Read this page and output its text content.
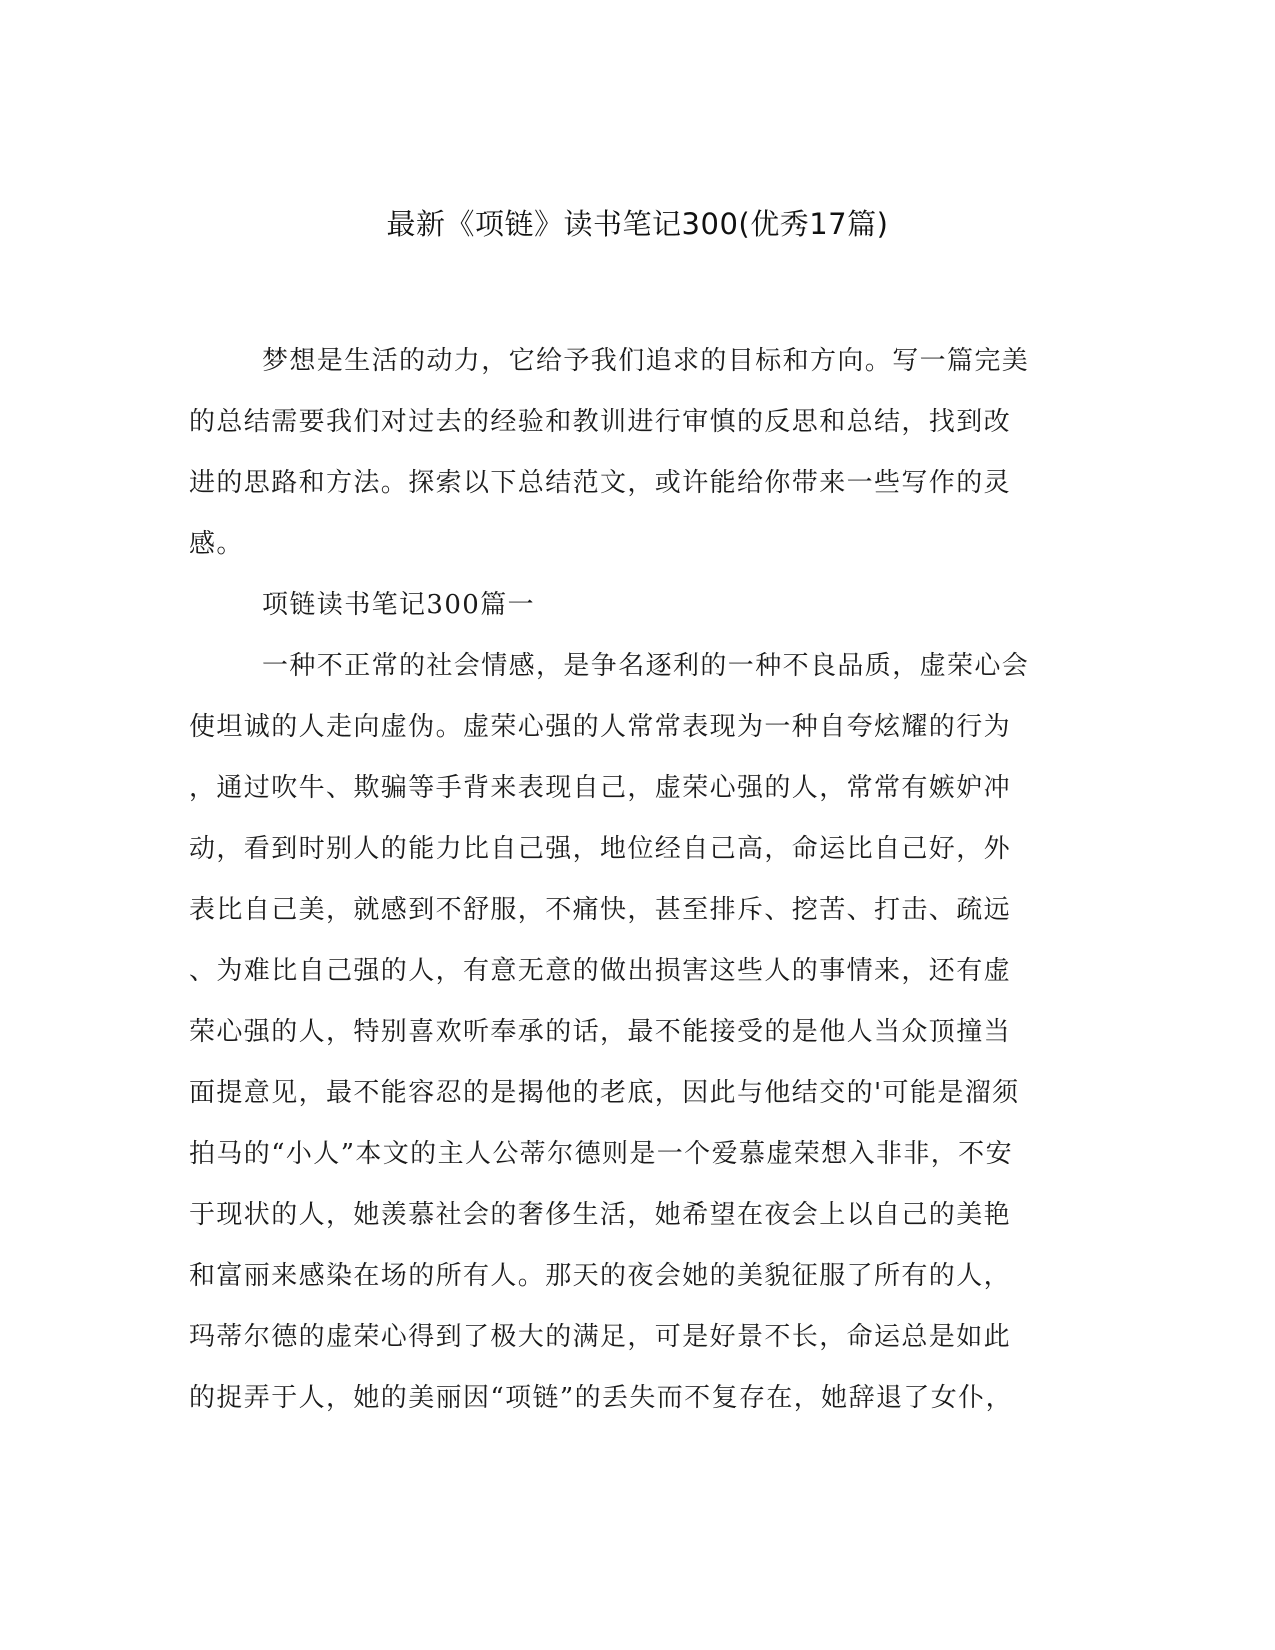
最新《项链》读书笔记300(优秀17篇)
梦想是生活的动力，它给予我们追求的目标和方向。写一篇完美
的总结需要我们对过去的经验和教训进行审慎的反思和总结，找到改
进的思路和方法。探索以下总结范文，或许能给你带来一些写作的灵
感。
项链读书笔记300篇一
一种不正常的社会情感，是争名逐利的一种不良品质，虚荣心会
使坦诚的人走向虚伪。虚荣心强的人常常表现为一种自夸炫耀的行为
，通过吹牛、欺骗等手背来表现自己，虚荣心强的人，常常有嫉妒冲
动，看到时别人的能力比自己强，地位经自己高，命运比自己好，外
表比自己美，就感到不舒服，不痛快，甚至排斥、挖苦、打击、疏远
、为难比自己强的人，有意无意的做出损害这些人的事情来，还有虚
荣心强的人，特别喜欢听奉承的话，最不能接受的是他人当众顶撞当
面提意见，最不能容忍的是揭他的老底，因此与他结交的'可能是溜须
拍马的“小人”本文的主人公蒂尔德则是一个爱慕虚荣想入非非，不安
于现状的人，她羡慕社会的奢侈生活，她希望在夜会上以自己的美艳
和富丽来感染在场的所有人。那天的夜会她的美貌征服了所有的人，
玛蒂尔德的虚荣心得到了极大的满足，可是好景不长，命运总是如此
的捉弄于人，她的美丽因“项链”的丢失而不复存在，她辞退了女仆，
